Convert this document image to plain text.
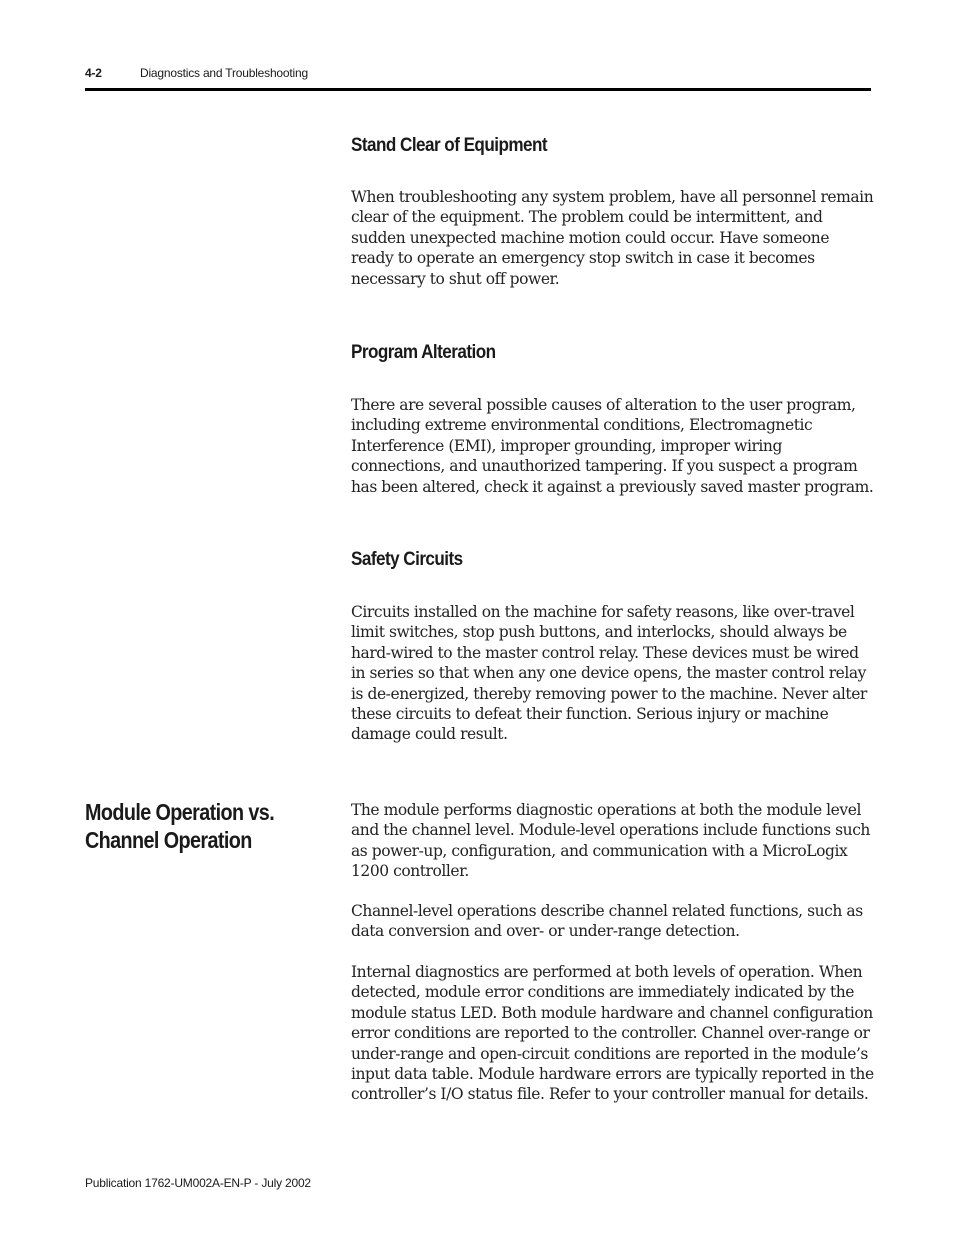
4-2	Diagnostics and Troubleshooting
Stand Clear of Equipment

When troubleshooting any system problem, have all personnel remain
clear of the equipment. The problem could be intermittent, and
sudden unexpected machine motion could occur. Have someone
ready to operate an emergency stop switch in case it becomes
necessary to shut off power.

Program Alteration

There are several possible causes of alteration to the user program,
including extreme environmental conditions, Electromagnetic
Interference (EMI), improper grounding, improper wiring
connections, and unauthorized tampering. If you suspect a program
has been altered, check it against a previously saved master program.

Safety Circuits

Circuits installed on the machine for safety reasons, like over-travel
limit switches, stop push buttons, and interlocks, should always be
hard-wired to the master control relay. These devices must be wired
in series so that when any one device opens, the master control relay
is de-energized, thereby removing power to the machine. Never alter
these circuits to defeat their function. Serious injury or machine
damage could result.

Module Operation vs.
Channel Operation

The module performs diagnostic operations at both the module level
and the channel level. Module-level operations include functions such
as power-up, configuration, and communication with a MicroLogix
1200 controller.

Channel-level operations describe channel related functions, such as
data conversion and over- or under-range detection.

Internal diagnostics are performed at both levels of operation. When
detected, module error conditions are immediately indicated by the
module status LED. Both module hardware and channel configuration
error conditions are reported to the controller. Channel over-range or
under-range and open-circuit conditions are reported in the module’s
input data table. Module hardware errors are typically reported in the
controller’s I/O status file. Refer to your controller manual for details.

Publication 1762-UM002A-EN-P - July 2002
